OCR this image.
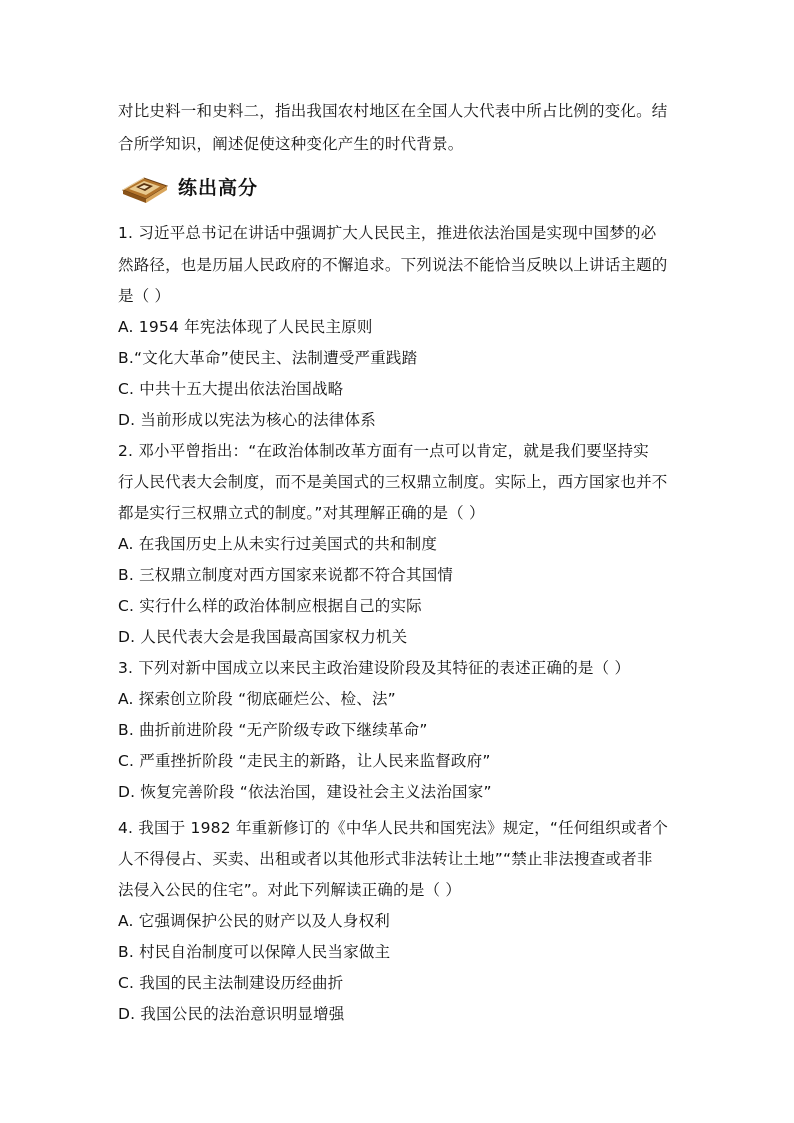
对比史料一和史料二，指出我国农村地区在全国人大代表中所占比例的变化。结
合所学知识，阐述促使这种变化产生的时代背景。
练出高分
1. 习近平总书记在讲话中强调扩大人民民主，推进依法治国是实现中国梦的必
然路径，也是历届人民政府的不懈追求。下列说法不能恰当反映以上讲话主题的
是（ ）
A. 1954 年宪法体现了人民民主原则
B.“文化大革命”使民主、法制遭受严重践踏
C. 中共十五大提出依法治国战略
D. 当前形成以宪法为核心的法律体系
2. 邓小平曾指出：“在政治体制改革方面有一点可以肯定，就是我们要坚持实
行人民代表大会制度，而不是美国式的三权鼎立制度。实际上，西方国家也并不
都是实行三权鼎立式的制度。”对其理解正确的是（ ）
A. 在我国历史上从未实行过美国式的共和制度
B. 三权鼎立制度对西方国家来说都不符合其国情
C. 实行什么样的政治体制应根据自己的实际
D. 人民代表大会是我国最高国家权力机关
3. 下列对新中国成立以来民主政治建设阶段及其特征的表述正确的是（ ）
A. 探索创立阶段 “彻底砸烂公、检、法”
B. 曲折前进阶段 “无产阶级专政下继续革命”
C. 严重挫折阶段 “走民主的新路，让人民来监督政府”
D. 恢复完善阶段 “依法治国，建设社会主义法治国家”
4. 我国于 1982 年重新修订的《中华人民共和国宪法》规定，“任何组织或者个
人不得侵占、买卖、出租或者以其他形式非法转让土地”“禁止非法搜查或者非
法侵入公民的住宅”。对此下列解读正确的是（ ）
A. 它强调保护公民的财产以及人身权利
B. 村民自治制度可以保障人民当家做主
C. 我国的民主法制建设历经曲折
D. 我国公民的法治意识明显增强
